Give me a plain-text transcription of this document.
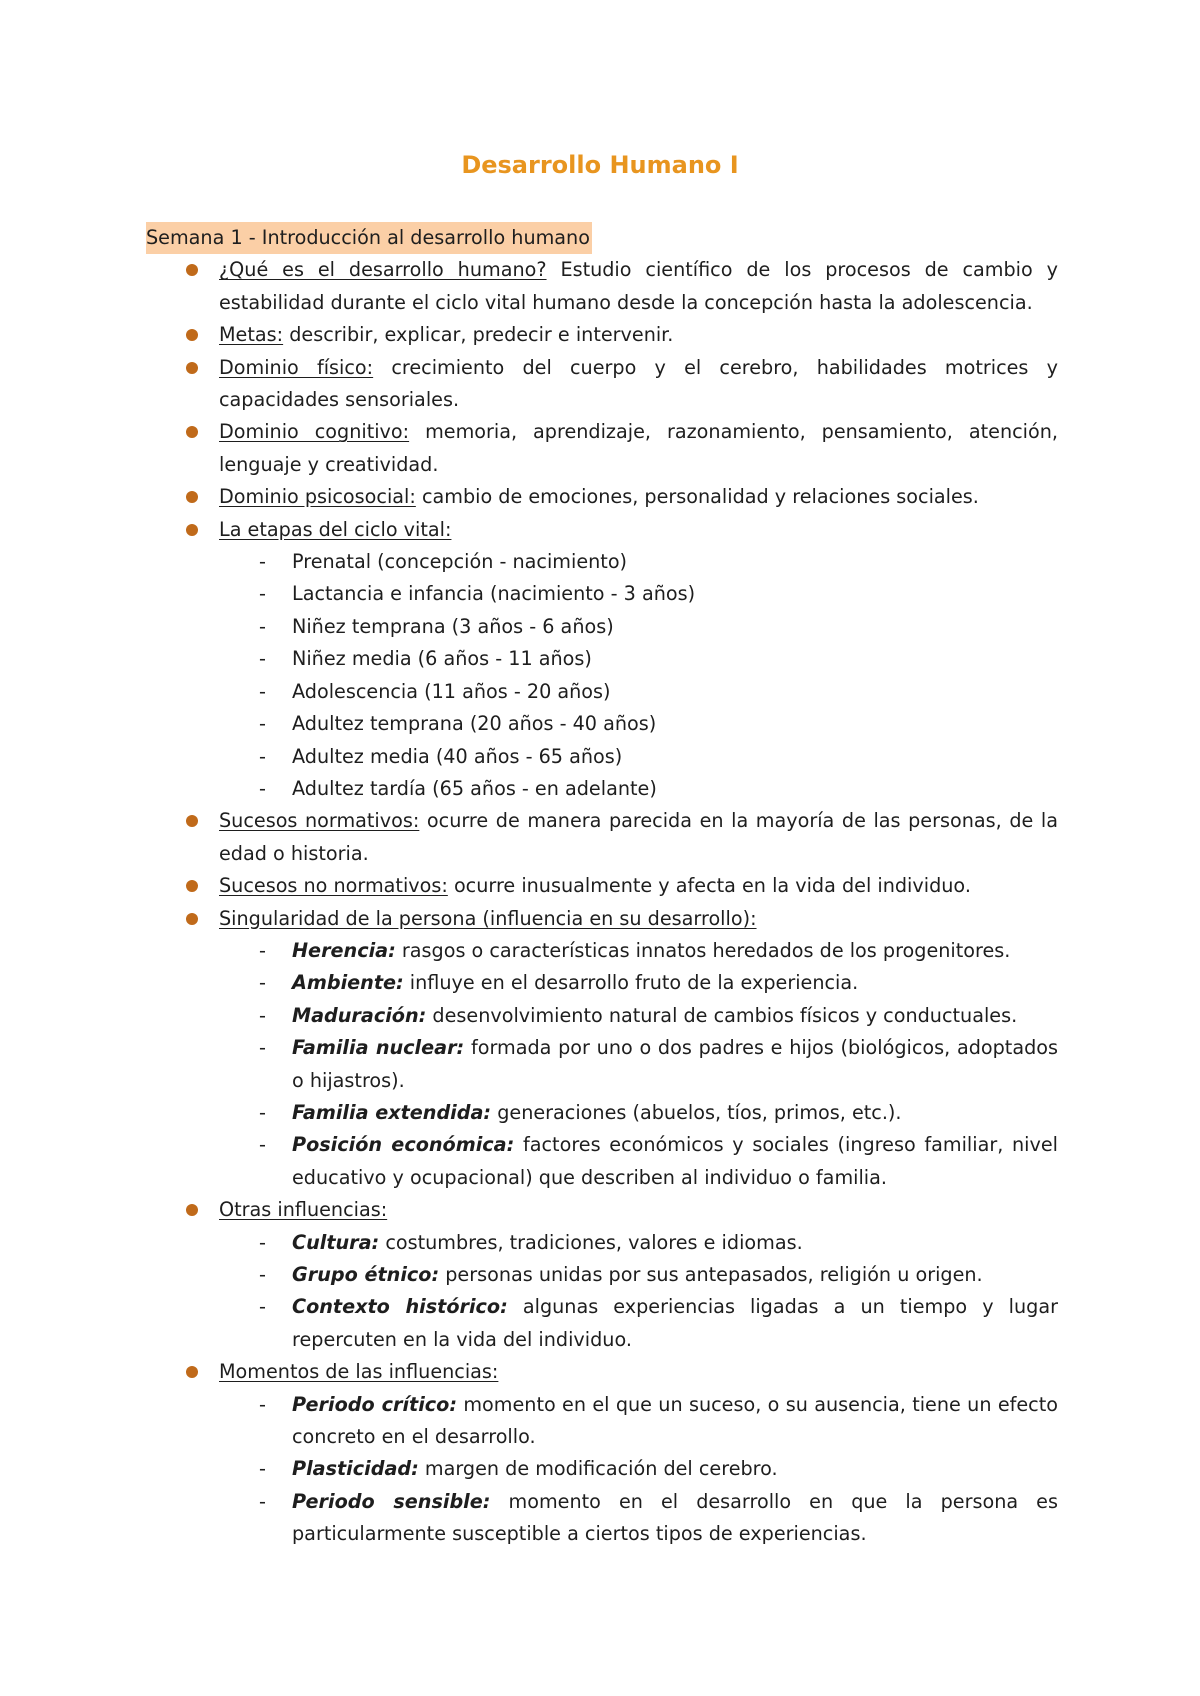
Desarrollo Humano I
Semana 1 - Introducción al desarrollo humano
¿Qué es el desarrollo humano? Estudio científico de los procesos de cambio y estabilidad durante el ciclo vital humano desde la concepción hasta la adolescencia.
Metas: describir, explicar, predecir e intervenir.
Dominio físico: crecimiento del cuerpo y el cerebro, habilidades motrices y capacidades sensoriales.
Dominio cognitivo: memoria, aprendizaje, razonamiento, pensamiento, atención, lenguaje y creatividad.
Dominio psicosocial: cambio de emociones, personalidad y relaciones sociales.
La etapas del ciclo vital:
- Prenatal (concepción - nacimiento)
- Lactancia e infancia (nacimiento - 3 años)
- Niñez temprana (3 años - 6 años)
- Niñez media (6 años - 11 años)
- Adolescencia (11 años - 20 años)
- Adultez temprana (20 años - 40 años)
- Adultez media (40 años - 65 años)
- Adultez tardía (65 años - en adelante)
Sucesos normativos: ocurre de manera parecida en la mayoría de las personas, de la edad o historia.
Sucesos no normativos: ocurre inusualmente y afecta en la vida del individuo.
Singularidad de la persona (influencia en su desarrollo):
- Herencia: rasgos o características innatos heredados de los progenitores.
- Ambiente: influye en el desarrollo fruto de la experiencia.
- Maduración: desenvolvimiento natural de cambios físicos y conductuales.
- Familia nuclear: formada por uno o dos padres e hijos (biológicos, adoptados o hijastros).
- Familia extendida: generaciones (abuelos, tíos, primos, etc.).
- Posición económica: factores económicos y sociales (ingreso familiar, nivel educativo y ocupacional) que describen al individuo o familia.
Otras influencias:
- Cultura: costumbres, tradiciones, valores e idiomas.
- Grupo étnico: personas unidas por sus antepasados, religión u origen.
- Contexto histórico: algunas experiencias ligadas a un tiempo y lugar repercuten en la vida del individuo.
Momentos de las influencias:
- Periodo crítico: momento en el que un suceso, o su ausencia, tiene un efecto concreto en el desarrollo.
- Plasticidad: margen de modificación del cerebro.
- Periodo sensible: momento en el desarrollo en que la persona es particularmente susceptible a ciertos tipos de experiencias.
